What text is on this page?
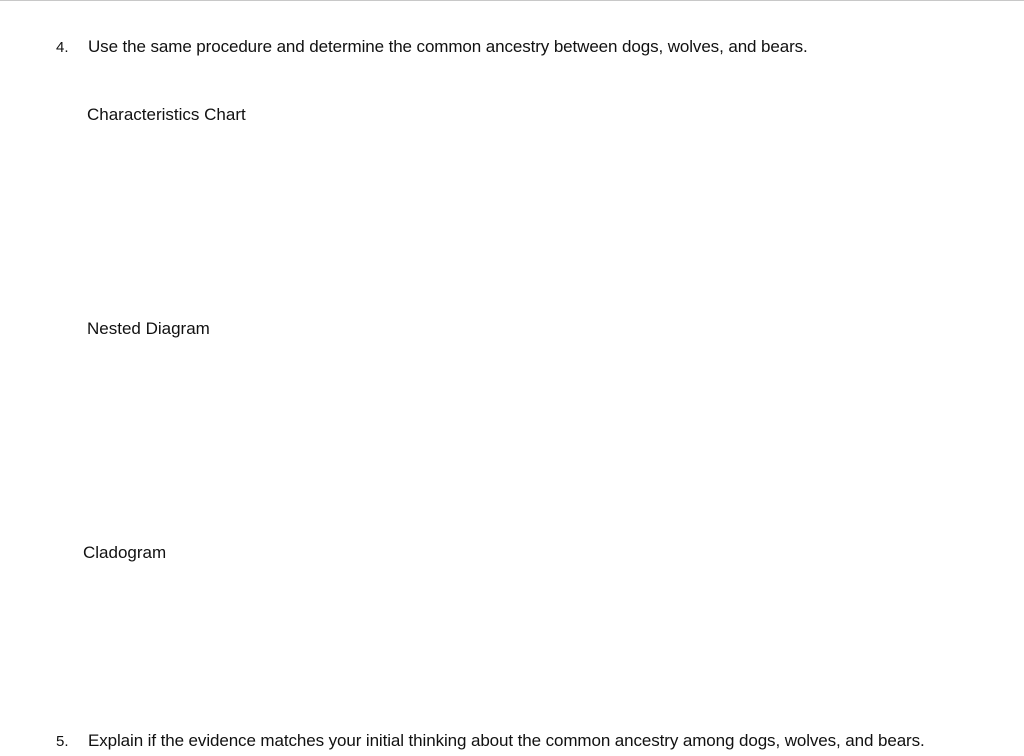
4.	Use the same procedure and determine the common ancestry between dogs, wolves, and bears.
Characteristics Chart
Nested Diagram
Cladogram
5.	Explain if the evidence matches your initial thinking about the common ancestry among dogs, wolves, and bears.
